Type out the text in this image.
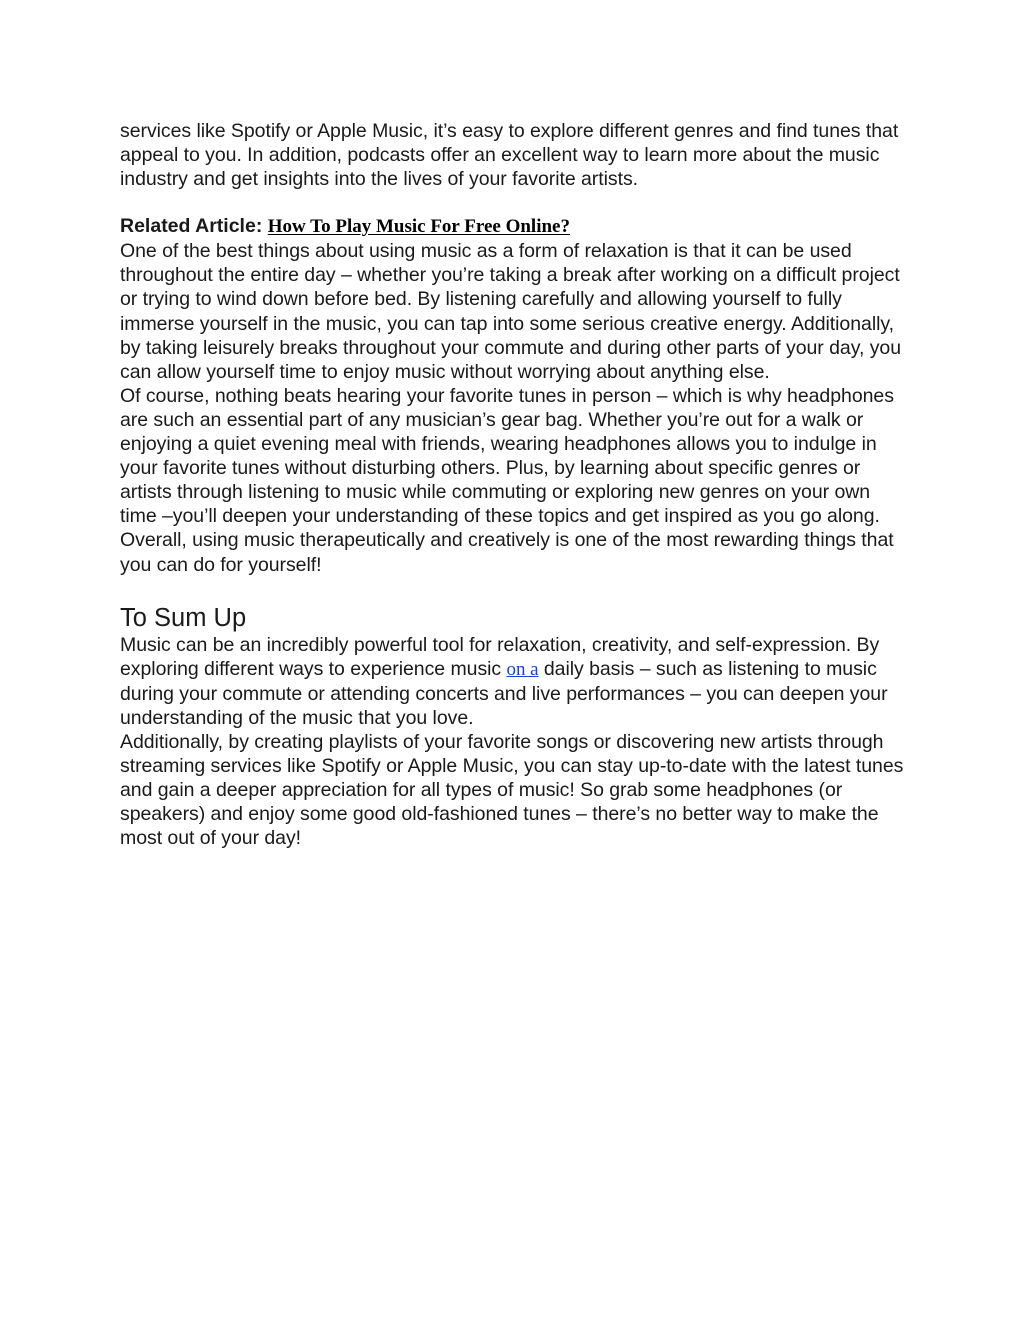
services like Spotify or Apple Music, it’s easy to explore different genres and find tunes that appeal to you. In addition, podcasts offer an excellent way to learn more about the music industry and get insights into the lives of your favorite artists.

Related Article: How To Play Music For Free Online?

One of the best things about using music as a form of relaxation is that it can be used throughout the entire day – whether you’re taking a break after working on a difficult project or trying to wind down before bed. By listening carefully and allowing yourself to fully immerse yourself in the music, you can tap into some serious creative energy. Additionally, by taking leisurely breaks throughout your commute and during other parts of your day, you can allow yourself time to enjoy music without worrying about anything else.

Of course, nothing beats hearing your favorite tunes in person – which is why headphones are such an essential part of any musician’s gear bag. Whether you’re out for a walk or enjoying a quiet evening meal with friends, wearing headphones allows you to indulge in your favorite tunes without disturbing others. Plus, by learning about specific genres or artists through listening to music while commuting or exploring new genres on your own time –you’ll deepen your understanding of these topics and get inspired as you go along. Overall, using music therapeutically and creatively is one of the most rewarding things that you can do for yourself!

To Sum Up

Music can be an incredibly powerful tool for relaxation, creativity, and self-expression. By exploring different ways to experience music on a daily basis – such as listening to music during your commute or attending concerts and live performances – you can deepen your understanding of the music that you love.

Additionally, by creating playlists of your favorite songs or discovering new artists through streaming services like Spotify or Apple Music, you can stay up-to-date with the latest tunes and gain a deeper appreciation for all types of music! So grab some headphones (or speakers) and enjoy some good old-fashioned tunes – there’s no better way to make the most out of your day!
